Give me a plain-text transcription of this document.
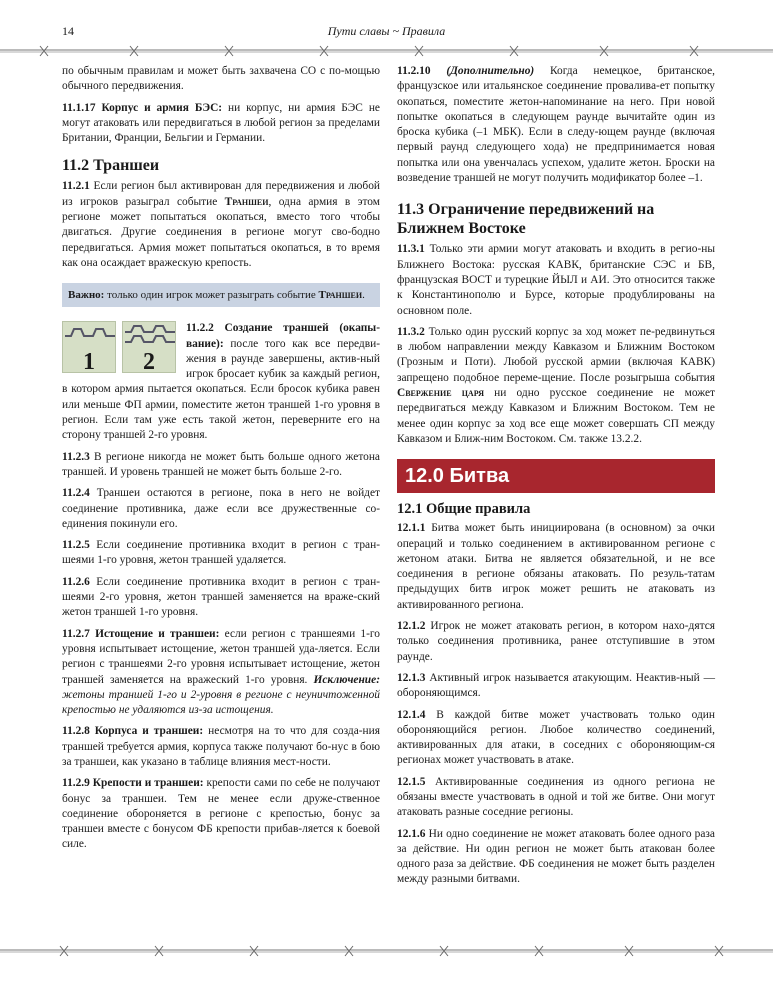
14	Пути славы ~ Правила

по обычным правилам и может быть захвачена СО с по-мощью обычного передвижения.

11.1.17 Корпус и армия БЭС: ни корпус, ни армия БЭС не могут атаковать или передвигаться в любой регион за пределами Британии, Франции, Бельгии и Германии.

11.2 Траншеи

11.2.1 Если регион был активирован для передвижения и любой из игроков разыграл событие Траншеи, одна армия в этом регионе может попытаться окопаться, вместо того чтобы двигаться. Другие соединения в регионе могут сво-бодно передвигаться. Армия может попытаться окопаться, в то время как она осаждает вражескую крепость.

Важно: только один игрок может разыграть событие Траншеи.
1	2

11.2.2 Создание траншей (окапы-вание): после того как все передви-жения в раунде завершены, актив-ный игрок бросает кубик за каждый регион, в котором армия пытается окопаться. Если бросок кубика равен или меньше ФП армии, поместите жетон траншей 1-го уровня в регион. Если там уже есть такой жетон, переверните его на сторону траншей 2-го уровня.

11.2.3 В регионе никогда не может быть больше одного жетона траншей. И уровень траншей не может быть больше 2-го.

11.2.4 Траншеи остаются в регионе, пока в него не войдет соединение противника, даже если все дружественные со-единения покинули его.

11.2.5 Если соединение противника входит в регион с тран-шеями 1-го уровня, жетон траншей удаляется.

11.2.6 Если соединение противника входит в регион с тран-шеями 2-го уровня, жетон траншей заменяется на враже-ский жетон траншей 1-го уровня.

11.2.7 Истощение и траншеи: если регион с траншеями 1-го уровня испытывает истощение, жетон траншей уда-ляется. Если регион с траншеями 2-го уровня испытывает истощение, жетон траншей заменяется на вражеский 1-го уровня. Исключение: жетоны траншей 1-го и 2-уровня в регионе с неуничтоженной крепостью не удаляются из-за истощения.

11.2.8 Корпуса и траншеи: несмотря на то что для созда-ния траншей требуется армия, корпуса также получают бо-нус в бою за траншеи, как указано в таблице влияния мест-ности.

11.2.9 Крепости и траншеи: крепости сами по себе не получают бонус за траншеи. Тем не менее если друже-ственное соединение обороняется в регионе с крепостью, бонус за траншеи вместе с бонусом ФБ крепости прибав-ляется к боевой силе.

11.2.10 (Дополнительно) Когда немецкое, британское, французское или итальянское соединение проваливa-ет попытку окопаться, поместите жетон-напоминание на него. При новой попытке окопаться в следующем раунде вычитайте один из броска кубика (–1 МБК). Если в следу-ющем раунде (включая первый раунд следующего хода) не предпринимается новая попытка или она увенчалась успехом, удалите жетон. Броски на возведение траншей не могут получить модификатор более –1.

11.3 Ограничение передвижений на Ближнем Востоке

11.3.1 Только эти армии могут атаковать и входить в регио-ны Ближнего Востока: русская КАВК, британские СЭС и БВ, французская ВОСТ и турецкие ЙЫЛ и АИ. Это относится также к Константинополю и Бурсе, которые продублированы на основном поле.

11.3.2 Только один русский корпус за ход может пе-редвинуться в любом направлении между Кавказом и Ближним Востоком (Грозным и Поти). Любой русской армии (включая КАВК) запрещено подобное переме-щение. После розыгрыша события Свержение царя ни одно русское соединение не может передвигаться между Кавказом и Ближним Востоком. Тем не менее один корпус за ход все еще может совершать СП между Кавказом и Ближ-ним Востоком. См. также 13.2.2.

12.0 Битва
12.1 Общие правила

12.1.1 Битва может быть инициирована (в основном) за очки операций и только соединением в активированном регионе с жетоном атаки. Битва не является обязательной, и не все соединения в регионе обязаны атаковать. По резуль-татам предыдущих битв игрок может решить не атаковать из активированного региона.

12.1.2 Игрок не может атаковать регион, в котором нахо-дятся только соединения противника, ранее отступившие в этом раунде.

12.1.3 Активный игрок называется атакующим. Неактив-ный — обороняющимся.

12.1.4 В каждой битве может участвовать только один обороняющийся регион. Любое количество соединений, активированных для атаки, в соседних с обороняющим-ся регионах может участвовать в атаке.

12.1.5 Активированные соединения из одного региона не обязаны вместе участвовать в одной и той же битве. Они могут атаковать разные соседние регионы.

12.1.6 Ни одно соединение не может атаковать более одного раза за действие. Ни один регион не может быть атакован более одного раза за действие. ФБ соединения не может быть разделен между разными битвами.
